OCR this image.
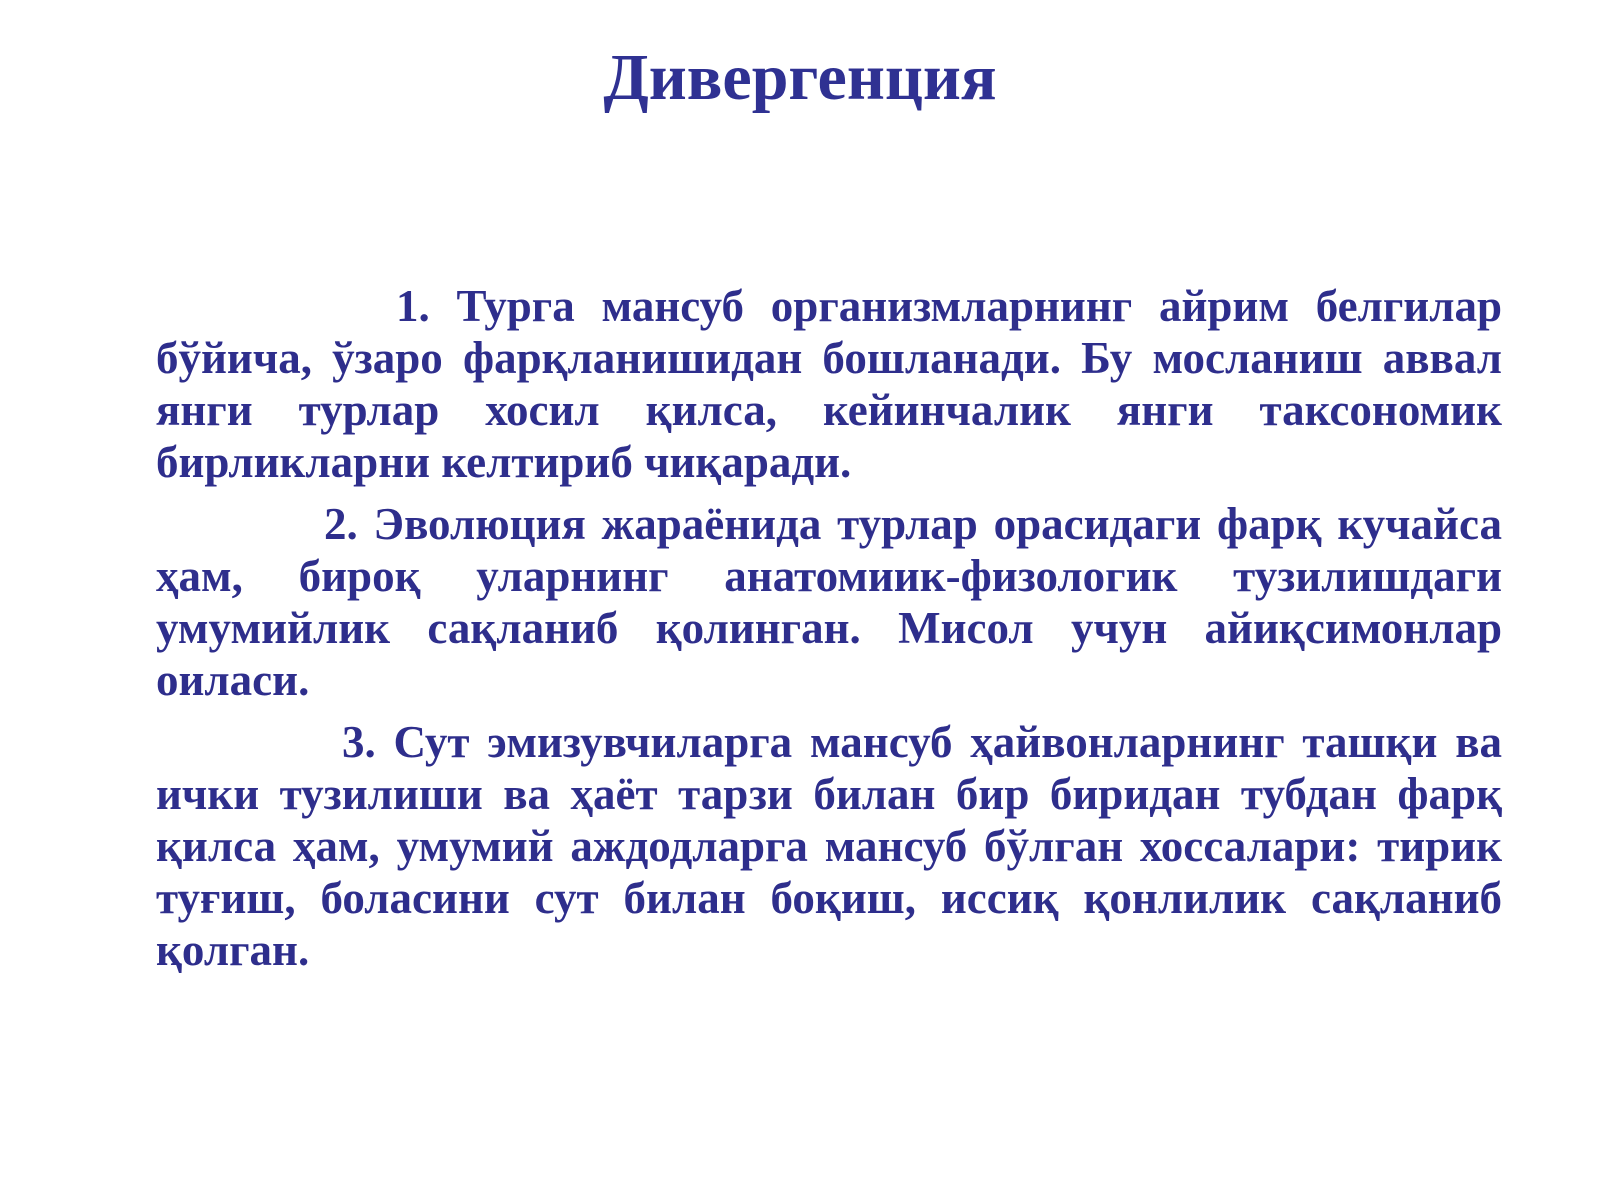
Дивергенция

1. Турга мансуб организмларнинг айрим белгилар бўйича, ўзаро фарқланишидан бошланади. Бу мосланиш аввал янги турлар хосил қилса, кейинчалик янги таксономик бирликларни келтириб чиқаради.

2. Эволюция жараёнида турлар орасидаги фарқ кучайса ҳам, бироқ уларнинг анатомиик-физологик тузилишдаги умумийлик сақланиб қолинган. Мисол учун айиқсимонлар оиласи.

3. Сут эмизувчиларга мансуб ҳайвонларнинг ташқи ва ички тузилиши ва ҳаёт тарзи билан бир биридан тубдан фарқ қилса ҳам, умумий аждодларга мансуб бўлган хоссалари: тирик туғиш, боласини сут билан боқиш, иссиқ қонлилик сақланиб қолган.
